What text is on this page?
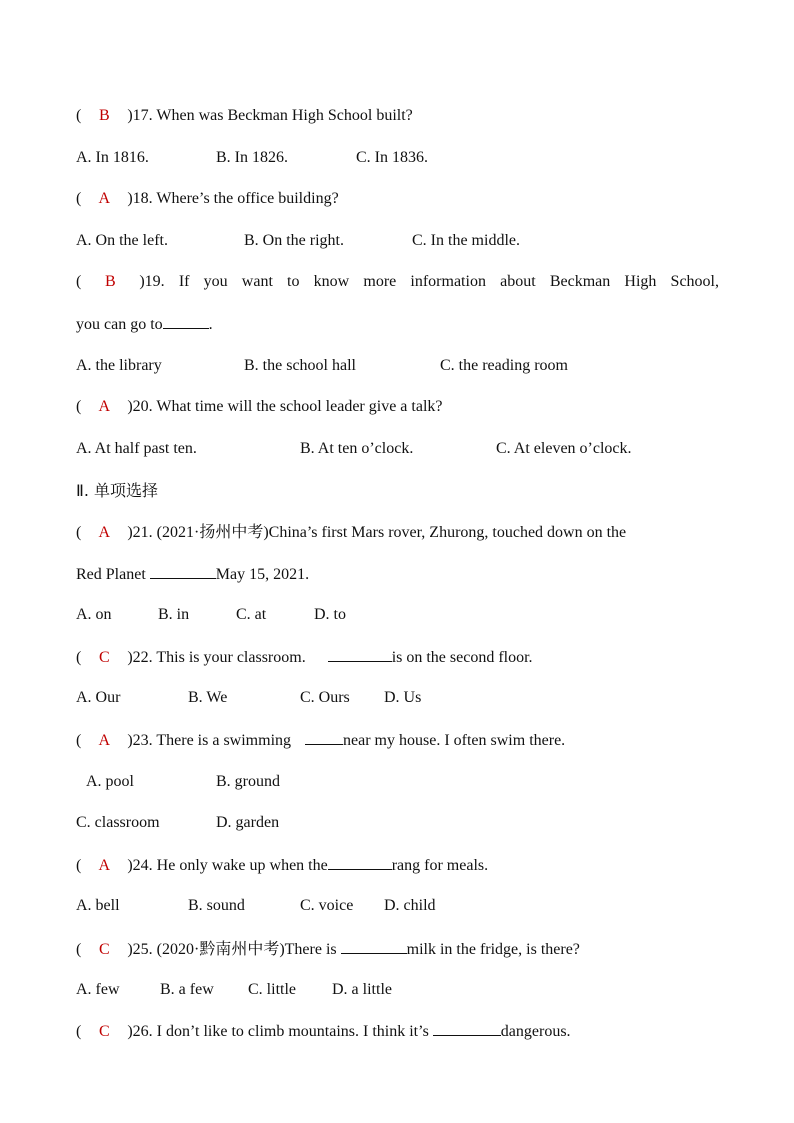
( B )17. When was Beckman High School built?
A. In 1816.	B. In 1826.	C. In 1836.
( A )18. Where’s the office building?
A. On the left.	B. On the right.	C. In the middle.
( B )19. If you want to know more information about Beckman High School,
you can go to	.
A. the library	B. the school hall	C. the reading room
( A )20. What time will the school leader give a talk?
A. At half past ten.	B. At ten o’clock.	C. At eleven o’clock.
Ⅱ. 单项选择
( A )21. (2021·扬州中考)China’s first Mars rover, Zhurong, touched down on the
Red Planet	May 15, 2021.
A. on	B. in	C. at	D. to
( C )22. This is your classroom.	is on the second floor.
A. Our	B. We	C. Ours D. Us
( A )23. There is a swimming	near my house. I often swim there.
A. pool	B. ground
C. classroom	D. garden
( A )24. He only wake up when the	rang for meals.
A. bell	B. sound	C. voice D. child
( C )25. (2020·黔南州中考)There is	milk in the fridge, is there?
A. few	B. a few C. little D. a little
( C )26. I don’t like to climb mountains. I think it’s	dangerous.
